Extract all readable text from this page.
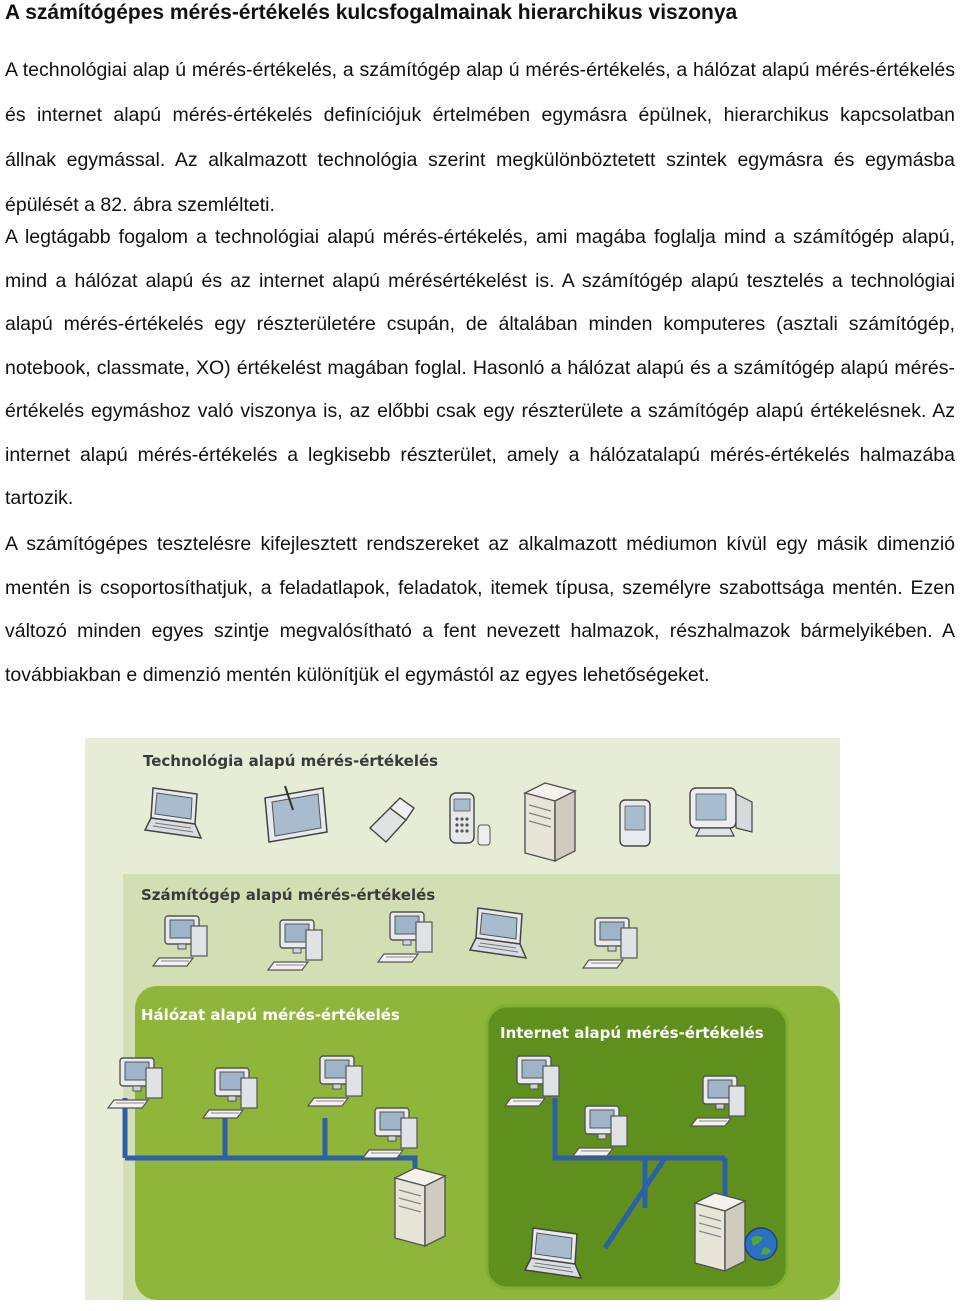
A számítógépes mérés-értékelés kulcsfogalmainak hierarchikus viszonya

A technológiai alap ú mérés-értékelés, a számítógép alap ú mérés-értékelés, a hálózat alapú mérés-értékelés és internet alapú mérés-értékelés definíciójuk értelmében egymásra épülnek, hierarchikus kapcsolatban állnak egymással. Az alkalmazott technológia szerint megkülönböztetett szintek egymásra és egymásba épülését a 82. ábra szemlélteti.

A legtágabb fogalom a technológiai alapú mérés-értékelés, ami magába foglalja mind a számítógép alapú, mind a hálózat alapú és az internet alapú mérésértékelést is. A számítógép alapú tesztelés a technológiai alapú mérés-értékelés egy részterületére csupán, de általában minden komputeres (asztali számítógép, notebook, classmate, XO) értékelést magában foglal. Hasonló a hálózat alapú és a számítógép alapú mérés-értékelés egymáshoz való viszonya is, az előbbi csak egy részterülete a számítógép alapú értékelésnek. Az internet alapú mérés-értékelés a legkisebb részterület, amely a hálózatalapú mérés-értékelés halmazába tartozik.

A számítógépes tesztelésre kifejlesztett rendszereket az alkalmazott médiumon kívül egy másik dimenzió mentén is csoportosíthatjuk, a feladatlapok, feladatok, itemek típusa, személyre szabottsága mentén. Ezen változó minden egyes szintje megvalósítható a fent nevezett halmazok, részhalmazok bármelyikében. A továbbiakban e dimenzió mentén különítjük el egymástól az egyes lehetőségeket.

Technológia alapú mérés-értékelés
Számítógép alapú mérés-értékelés
Hálózat alapú mérés-értékelés
Internet alapú mérés-értékelés
